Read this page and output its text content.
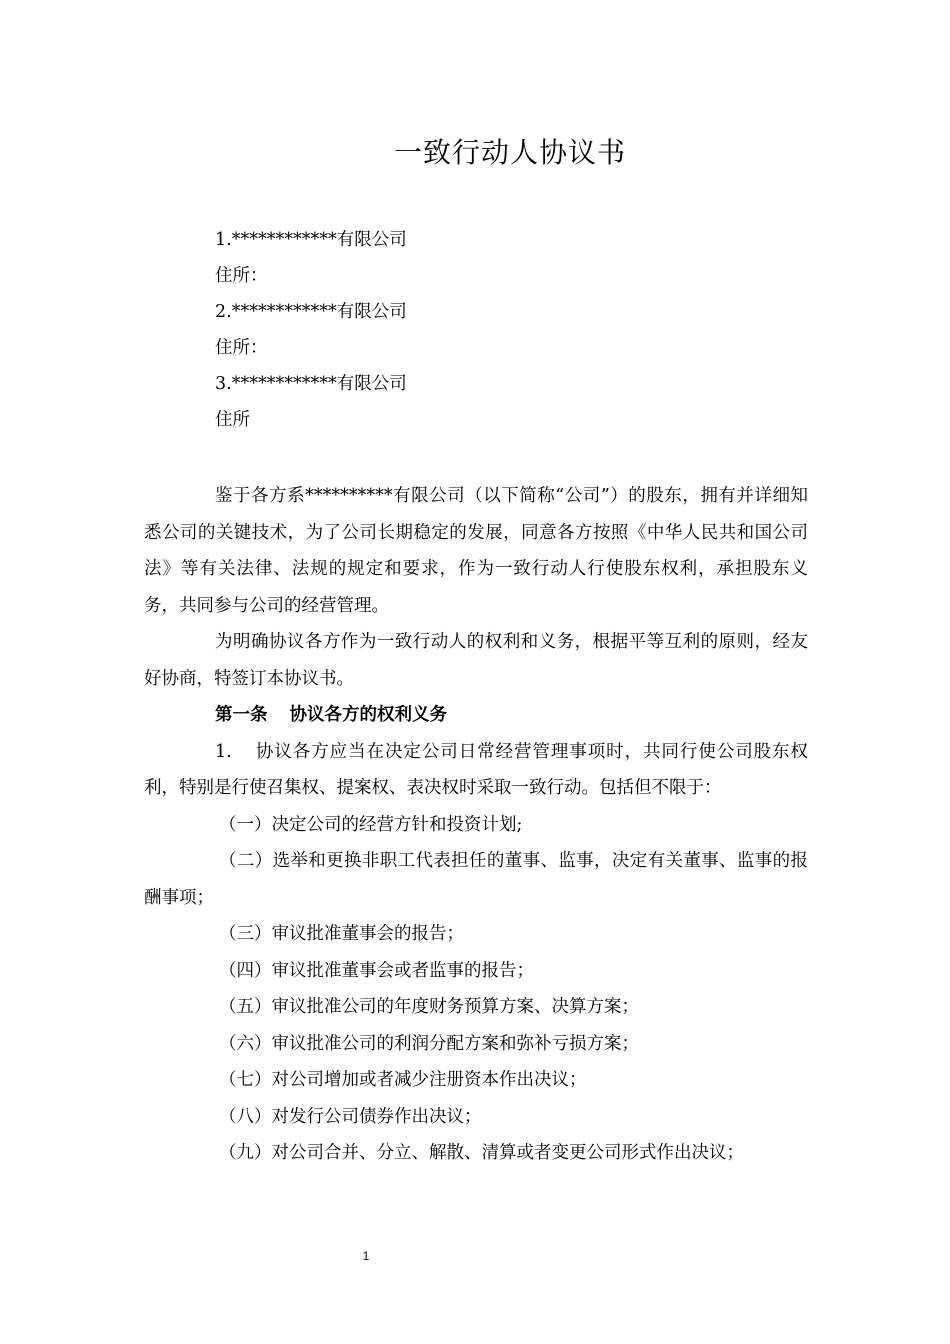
一致行动人协议书
1.************有限公司
住所：
2.************有限公司
住所：
3.************有限公司
住所

鉴于各方系**********有限公司（以下简称“公司”）的股东，拥有并详细知悉公司的关键技术，为了公司长期稳定的发展，同意各方按照《中华人民共和国公司法》等有关法律、法规的规定和要求，作为一致行动人行使股东权利，承担股东义务，共同参与公司的经营管理。

为明确协议各方作为一致行动人的权利和义务，根据平等互利的原则，经友好协商，特签订本协议书。

第一条 协议各方的权利义务

1. 协议各方应当在决定公司日常经营管理事项时，共同行使公司股东权利，特别是行使召集权、提案权、表决权时采取一致行动。包括但不限于：

（一）决定公司的经营方针和投资计划;

（二）选举和更换非职工代表担任的董事、监事，决定有关董事、监事的报酬事项；

（三）审议批准董事会的报告；

（四）审议批准董事会或者监事的报告；

（五）审议批准公司的年度财务预算方案、决算方案；

（六）审议批准公司的利润分配方案和弥补亏损方案；

（七）对公司增加或者减少注册资本作出决议；

（八）对发行公司债券作出决议；

（九）对公司合并、分立、解散、清算或者变更公司形式作出决议；

1
